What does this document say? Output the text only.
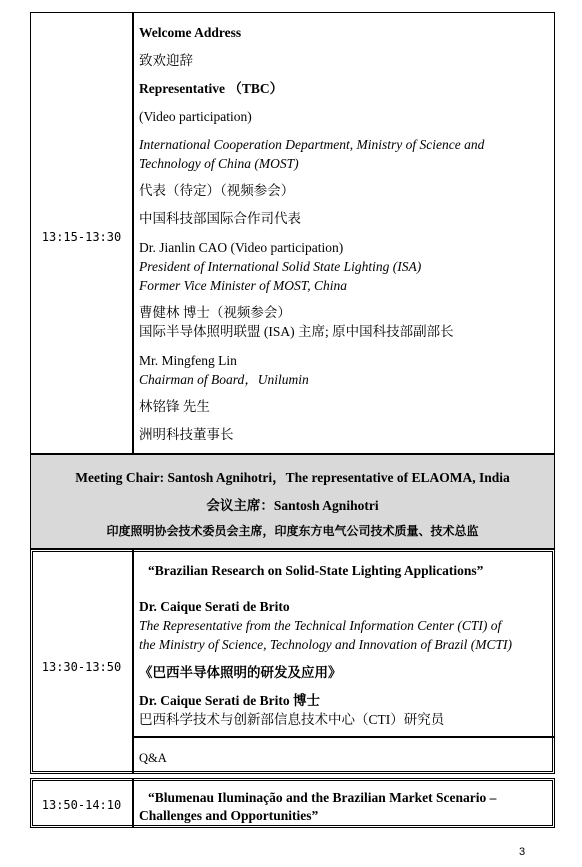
13:15-13:30
Welcome Address
致欢迎辞
Representative （TBC）
(Video participation)
International Cooperation Department, Ministry of Science and
Technology of China (MOST)
代表（待定）（视频参会）
中国科技部国际合作司代表
Dr. Jianlin CAO (Video participation)
President of International Solid State Lighting (ISA)
Former Vice Minister of MOST, China
曹健林 博士（视频参会）
国际半导体照明联盟 (ISA) 主席; 原中国科技部副部长
Mr. Mingfeng Lin
Chairman of Board，Unilumin
林铭锋 先生
洲明科技董事长
Meeting Chair: Santosh Agnihotri，The representative of ELAOMA, India
会议主席：Santosh Agnihotri
印度照明协会技术委员会主席，印度东方电气公司技术质量、技术总监
13:30-13:50
“Brazilian Research on Solid-State Lighting Applications”
Dr. Caique Serati de Brito
The Representative from the Technical Information Center (CTI) of
the Ministry of Science, Technology and Innovation of Brazil (MCTI)
《巴西半导体照明的研发及应用》
Dr. Caique Serati de Brito 博士
巴西科学技术与创新部信息技术中心（CTI）研究员
Q&A
13:50-14:10	“Blumenau Iluminação and the Brazilian Market Scenario –
Challenges and Opportunities”
3
